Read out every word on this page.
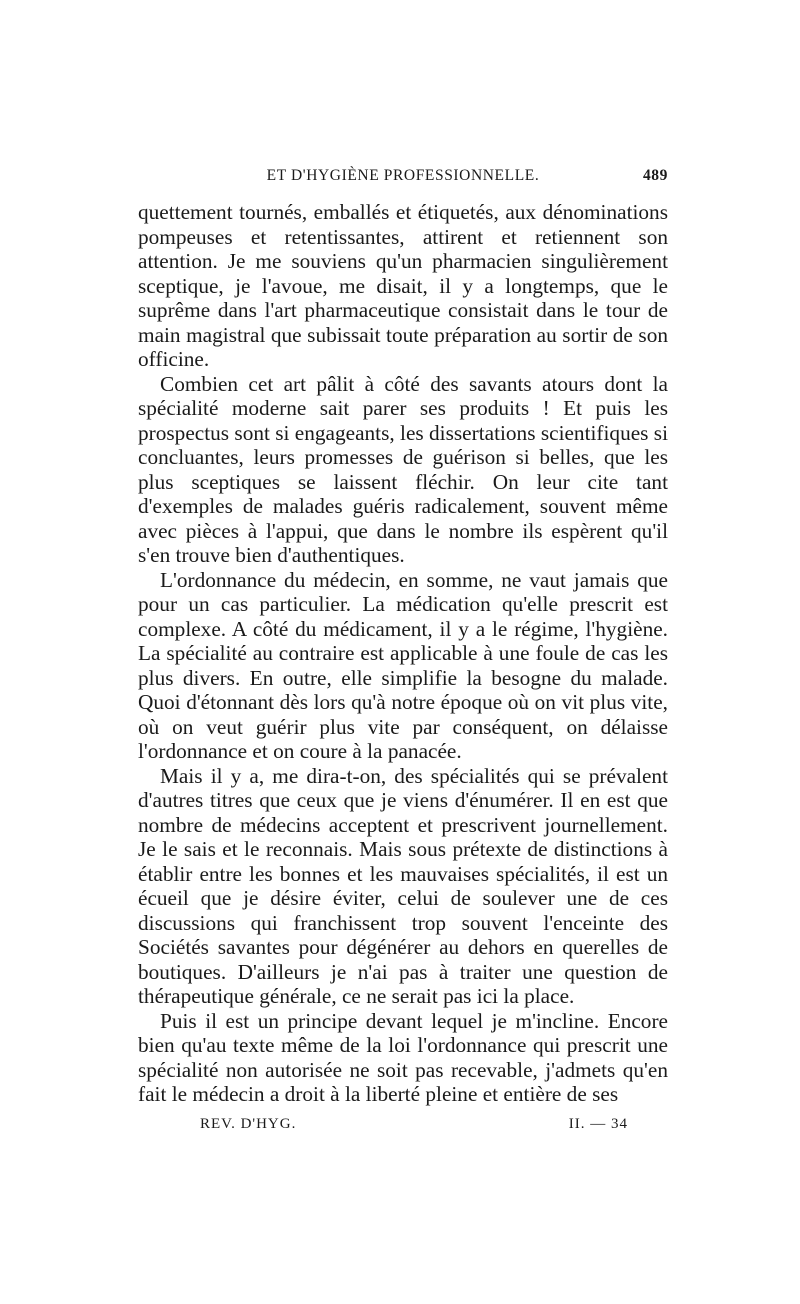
ET D'HYGIÈNE PROFESSIONNELLE.	489

quettement tournés, emballés et étiquetés, aux dénominations pompeuses et retentissantes, attirent et retiennent son attention. Je me souviens qu'un pharmacien singulièrement sceptique, je l'avoue, me disait, il y a longtemps, que le suprême dans l'art pharmaceutique consistait dans le tour de main magistral que subissait toute préparation au sortir de son officine.

Combien cet art pâlit à côté des savants atours dont la spécialité moderne sait parer ses produits ! Et puis les prospectus sont si engageants, les dissertations scientifiques si concluantes, leurs promesses de guérison si belles, que les plus sceptiques se laissent fléchir. On leur cite tant d'exemples de malades guéris radicalement, souvent même avec pièces à l'appui, que dans le nombre ils espèrent qu'il s'en trouve bien d'authentiques.

L'ordonnance du médecin, en somme, ne vaut jamais que pour un cas particulier. La médication qu'elle prescrit est complexe. A côté du médicament, il y a le régime, l'hygiène. La spécialité au contraire est applicable à une foule de cas les plus divers. En outre, elle simplifie la besogne du malade. Quoi d'étonnant dès lors qu'à notre époque où on vit plus vite, où on veut guérir plus vite par conséquent, on délaisse l'ordonnance et on coure à la panacée.

Mais il y a, me dira-t-on, des spécialités qui se prévalent d'autres titres que ceux que je viens d'énumérer. Il en est que nombre de médecins acceptent et prescrivent journellement. Je le sais et le reconnais. Mais sous prétexte de distinctions à établir entre les bonnes et les mauvaises spécialités, il est un écueil que je désire éviter, celui de soulever une de ces discussions qui franchissent trop souvent l'enceinte des Sociétés savantes pour dégénérer au dehors en querelles de boutiques. D'ailleurs je n'ai pas à traiter une question de thérapeutique générale, ce ne serait pas ici la place.

Puis il est un principe devant lequel je m'incline. Encore bien qu'au texte même de la loi l'ordonnance qui prescrit une spécialité non autorisée ne soit pas recevable, j'admets qu'en fait le médecin a droit à la liberté pleine et entière de ses

REV. D'HYG.	II. — 34
